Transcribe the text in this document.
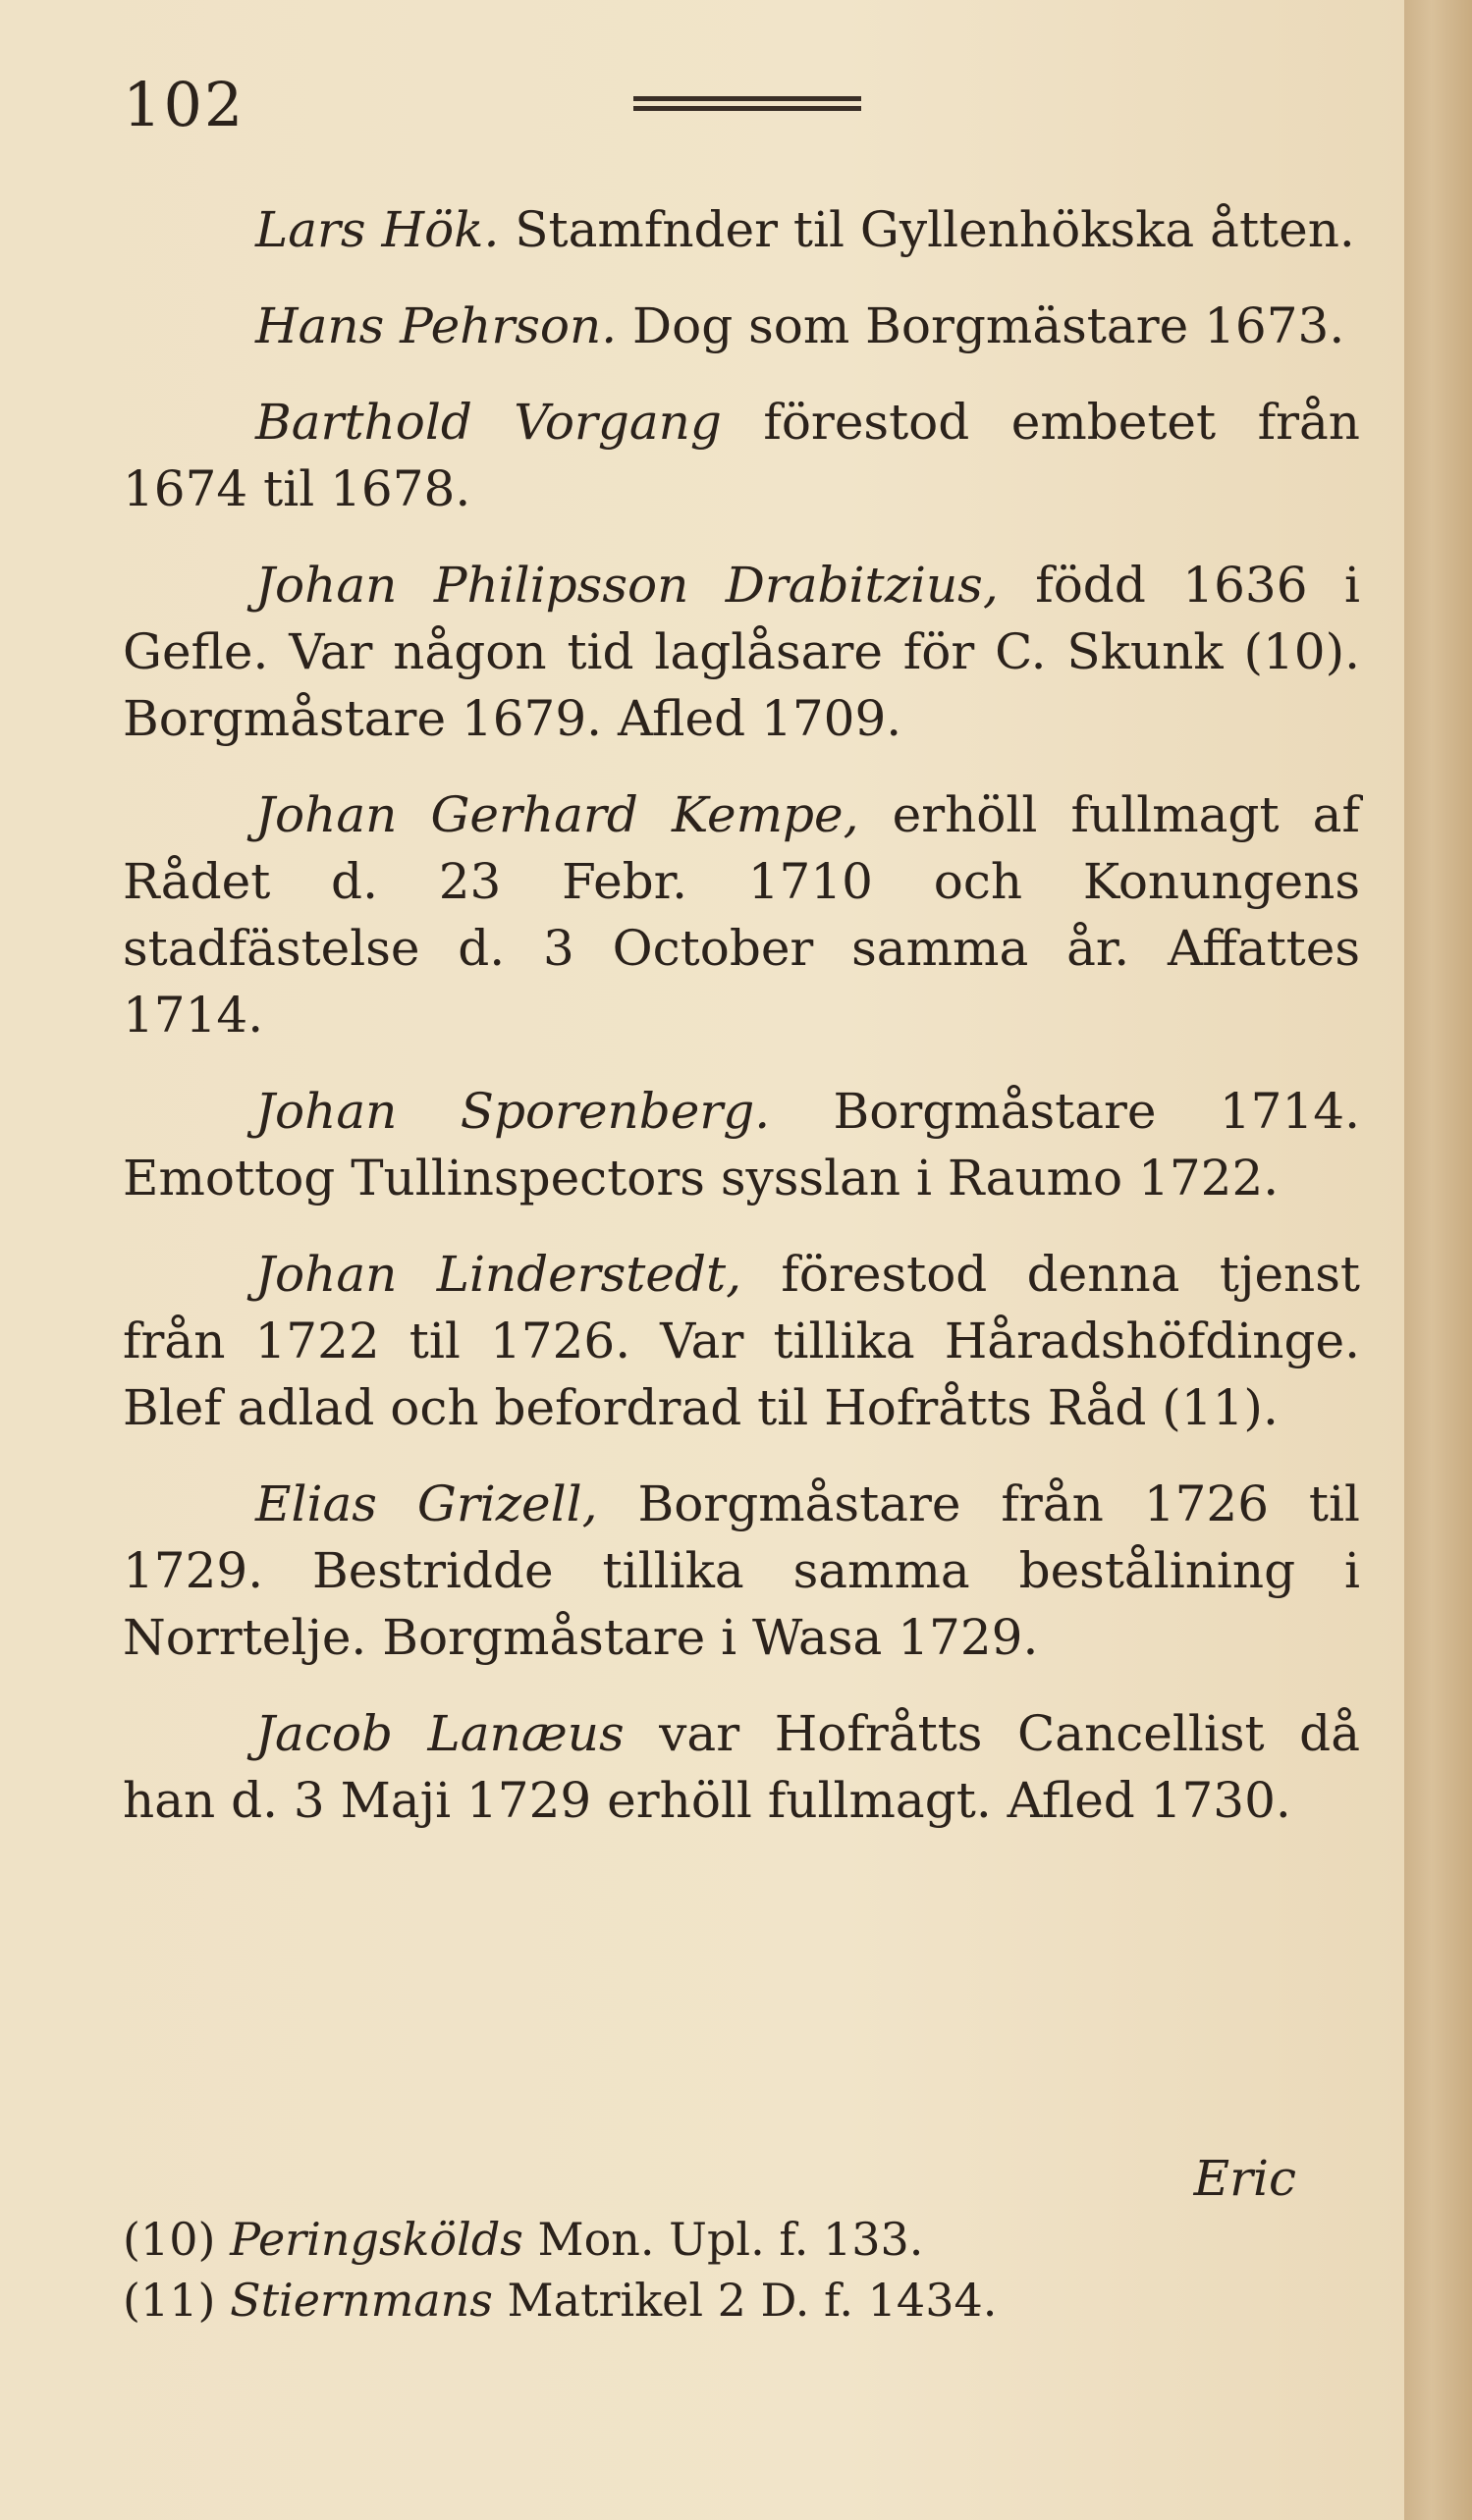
102

Lars Hök. Stamfnder til Gyllenhökska åtten.

Hans Pehrson. Dog som Borgmästare 1673.

Barthold Vorgang förestod embetet från 1674 til 1678.

Johan Philipsson Drabitzius, född 1636 i Gefle. Var någon tid laglåsare för C. Skunk (10). Borgmåstare 1679. Afled 1709.

Johan Gerhard Kempe, erhöll fullmagt af Rådet d. 23 Febr. 1710 och Konungens stadfästelse d. 3 October samma år. Affattes 1714.

Johan Sporenberg. Borgmåstare 1714. Emottog Tullinspectors sysslan i Raumo 1722.

Johan Linderstedt, förestod denna tjenst från 1722 til 1726. Var tillika Håradshöfdinge. Blef adlad och befordrad til Hofråtts Råd (11).

Elias Grizell, Borgmåstare från 1726 til 1729. Bestridde tillika samma bestålining i Norrtelje. Borgmåstare i Wasa 1729.

Jacob Lanæus var Hofråtts Cancellist då han d. 3 Maji 1729 erhöll fullmagt. Afled 1730.

Eric
(10) Peringskölds Mon. Upl. f. 133.
(11) Stiernmans Matrikel 2 D. f. 1434.
